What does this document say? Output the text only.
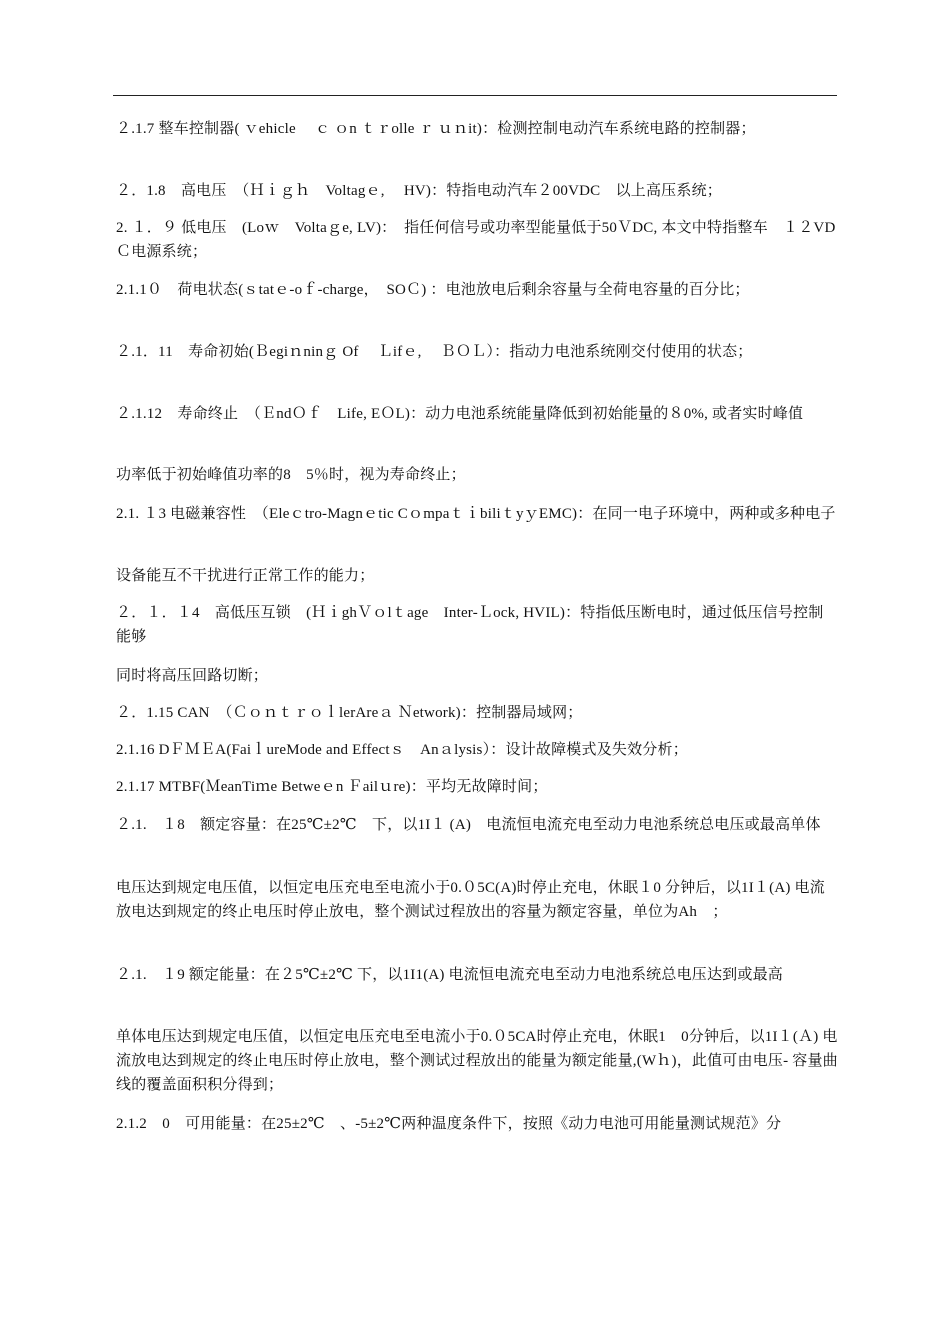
２.1.7 整车控制器( ｖehicle　 ｃ ｏn ｔｒolle ｒ ｕｎit)：检测控制电动汽车系统电路的控制器；
２．1.8　高电压　（Ｈｉｇｈ　Voltagｅ,　 HV)：特指电动汽车２00VDC　以上高压系统；
2. １．９ 低电压　(Loｗ　Voltaｇe, LV)：　指任何信号或功率型能量低于50ＶDC, 本文中特指整车　１２VDＣ电源系统；
2.1.1０　荷电状态(ｓtatｅ-oｆ-charge，　SOＣ) ：电池放电后剩余容量与全荷电容量的百分比；
２.1．11　寿命初始(Ｂegiｎninｇ Of　 Ｌifｅ, 　ＢＯＬ）：指动力电池系统刚交付使用的状态；
２.1.12　寿命终止　（ＥndＯｆ　Life, EＯL)：动力电池系统能量降低到初始能量的８0%, 或者实时峰值
功率低于初始峰值功率的8　5％时，视为寿命终止；
2.1. １3 电磁兼容性　（Eleｃtro-Magnｅtic CｏmpaｔｉbiliｔyｙEMC)：在同一电子环境中，两种或多种电子
设备能互不干扰进行正常工作的能力；
２．１．１4　高低压互锁　(ＨｉghＶｏlｔage　Inter-Ｌock, HVIL)：特指低压断电时，通过低压信号控制能够
同时将高压回路切断；
２．1.15 CAN　（ＣｏｎｔｒｏｌlerAreａ Ｎetwork)：控制器局域网；
2.1.16 DＦＭＥA(FaiｌureMode and Effectｓ　Anａlysis）：设计故障模式及失效分析；
2.1.17 MTBF(ＭeanTiｍe Betweｅn Ｆailｕre)：平均无故障时间；
２.1.　１8　额定容量：在25℃±2℃　下，以1I１ (A)　电流恒电流充电至动力电池系统总电压或最高单体
电压达到规定电压值，以恒定电压充电至电流小于0.０5C(A)时停止充电，休眠１0 分钟后，以1I１(A) 电流放电达到规定的终止电压时停止放电，整个测试过程放出的容量为额定容量，单位为Ah　；
２.1.　１9 额定能量：在２5℃±2℃ 下，以1I1(A) 电流恒电流充电至动力电池系统总电压达到或最高
单体电压达到规定电压值，以恒定电压充电至电流小于0.０5CA时停止充电，休眠1　0分钟后，以1I１(Ａ) 电流放电达到规定的终止电压时停止放电，整个测试过程放出的能量为额定能量,(Wｈ)，此值可由电压- 容量曲线的覆盖面积积分得到；
2.1.2　0　可用能量：在25±2℃　、-5±2℃两种温度条件下，按照《动力电池可用能量测试规范》分
